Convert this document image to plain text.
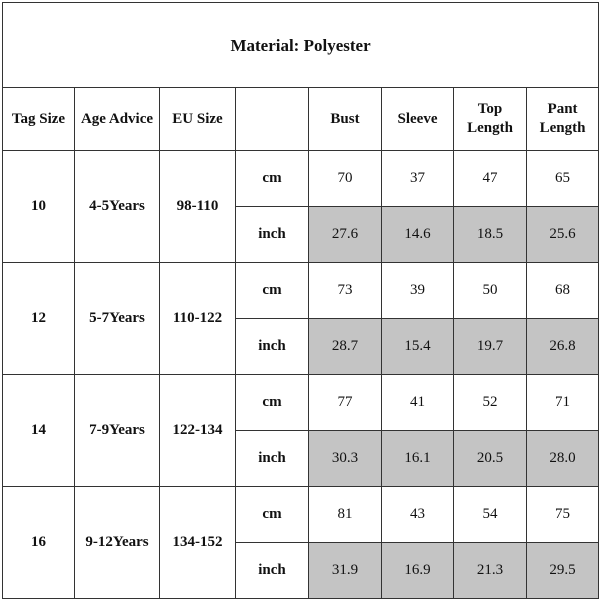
Material: Polyester							
Tag Size	Age Advice	EU Size		Bust	Sleeve	Top Length	Pant Length
10	4-5Years	98-110	cm	70	37	47	65
			inch	27.6	14.6	18.5	25.6
12	5-7Years	110-122	cm	73	39	50	68
			inch	28.7	15.4	19.7	26.8
14	7-9Years	122-134	cm	77	41	52	71
			inch	30.3	16.1	20.5	28.0
16	9-12Years	134-152	cm	81	43	54	75
			inch	31.9	16.9	21.3	29.5
